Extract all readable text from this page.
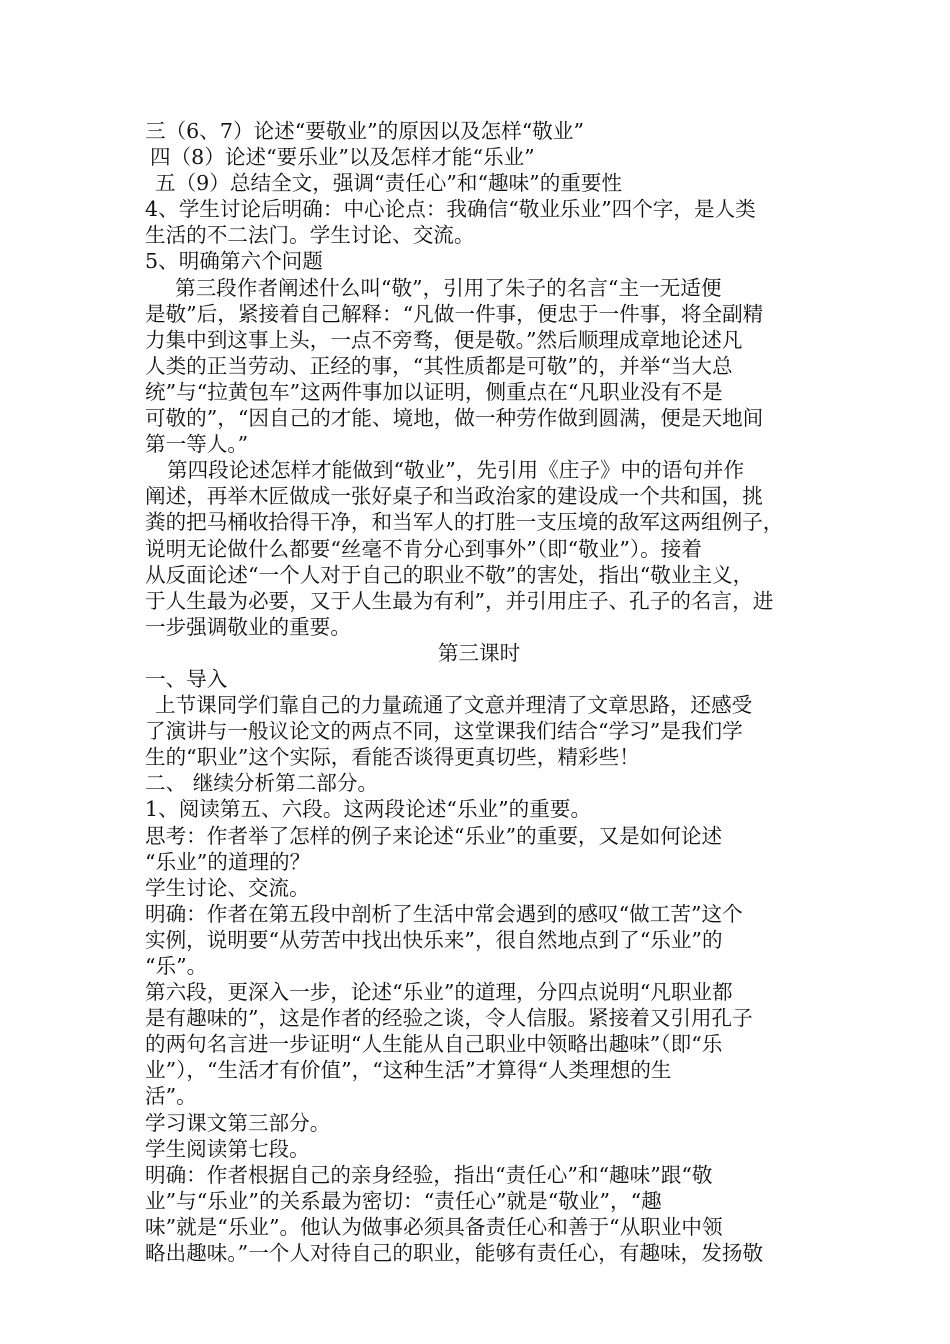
三（6、7）论述“要敬业”的原因以及怎样“敬业”
四（8）论述“要乐业”以及怎样才能“乐业”
五（9）总结全文，强调“责任心”和“趣味”的重要性
4、学生讨论后明确：中心论点：我确信“敬业乐业”四个字，是人类
生活的不二法门。学生讨论、交流。
5、明确第六个问题
第三段作者阐述什么叫“敬”，引用了朱子的名言“主一无适便
是敬”后，紧接着自己解释：“凡做一件事，便忠于一件事，将全副精
力集中到这事上头，一点不旁骛，便是敬。”然后顺理成章地论述凡
人类的正当劳动、正经的事，“其性质都是可敬”的，并举“当大总
统”与“拉黄包车”这两件事加以证明，侧重点在“凡职业没有不是
可敬的”，“因自己的才能、境地，做一种劳作做到圆满，便是天地间
第一等人。”
第四段论述怎样才能做到“敬业”，先引用《庄子》中的语句并作
阐述，再举木匠做成一张好桌子和当政治家的建设成一个共和国，挑
粪的把马桶收拾得干净，和当军人的打胜一支压境的敌军这两组例子，
说明无论做什么都要“丝毫不肯分心到事外”（即“敬业”）。接着
从反面论述“一个人对于自己的职业不敬”的害处，指出“敬业主义，
于人生最为必要，又于人生最为有利”，并引用庄子、孔子的名言，进
一步强调敬业的重要。
第三课时
一、导入
上节课同学们靠自己的力量疏通了文意并理清了文章思路，还感受
了演讲与一般议论文的两点不同，这堂课我们结合“学习”是我们学
生的“职业”这个实际，看能否谈得更真切些，精彩些！
二、 继续分析第二部分。
1、阅读第五、六段。这两段论述“乐业”的重要。
思考：作者举了怎样的例子来论述“乐业”的重要，又是如何论述
“乐业”的道理的？
学生讨论、交流。
明确：作者在第五段中剖析了生活中常会遇到的感叹“做工苦”这个
实例，说明要“从劳苦中找出快乐来”，很自然地点到了“乐业”的
“乐”。
第六段，更深入一步，论述“乐业”的道理，分四点说明“凡职业都
是有趣味的”，这是作者的经验之谈，令人信服。紧接着又引用孔子
的两句名言进一步证明“人生能从自己职业中领略出趣味”（即“乐
业”），“生活才有价值”，“这种生活”才算得“人类理想的生
活”。
学习课文第三部分。
学生阅读第七段。
明确：作者根据自己的亲身经验，指出“责任心”和“趣味”跟“敬
业”与“乐业”的关系最为密切：“责任心”就是“敬业”，“趣
味”就是“乐业”。他认为做事必须具备责任心和善于“从职业中领
略出趣味。”一个人对待自己的职业，能够有责任心，有趣味，发扬敬
